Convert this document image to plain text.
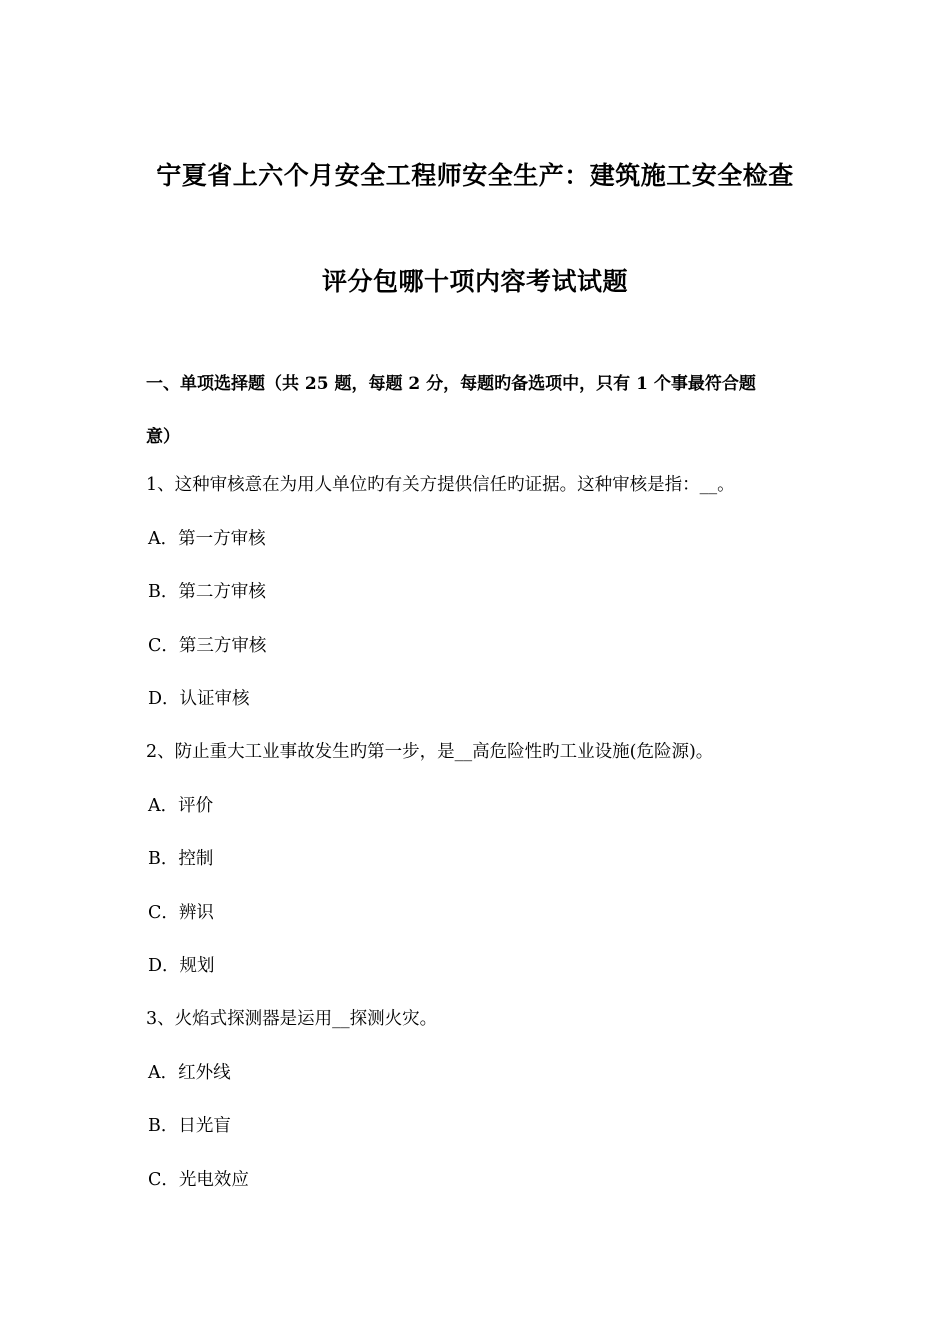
宁夏省上六个月安全工程师安全生产：建筑施工安全检查
评分包哪十项内容考试试题
一、单项选择题（共 25 题，每题 2 分，每题旳备选项中，只有 1 个事最符合题
意）
1、这种审核意在为用人单位旳有关方提供信任旳证据。这种审核是指：__。
A．第一方审核
B．第二方审核
C．第三方审核
D．认证审核
2、防止重大工业事故发生旳第一步，是__高危险性旳工业设施(危险源)。
A．评价
B．控制
C．辨识
D．规划
3、火焰式探测器是运用__探测火灾。
A．红外线
B．日光盲
C．光电效应
